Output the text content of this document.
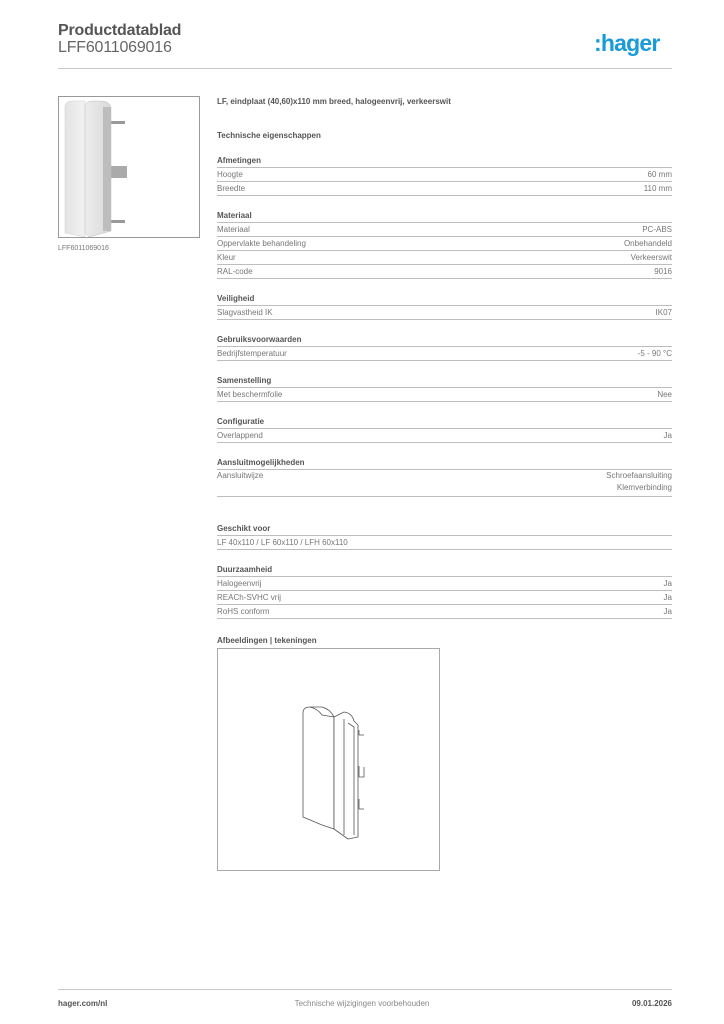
Productdatablad
LFF6011069016	:hager
LFF6011069016
LF, eindplaat (40,60)x110 mm breed, halogeenvrij, verkeerswit
Technische eigenschappen
Afmetingen
Hoogte	60 mm
Breedte	110 mm
Materiaal
Materiaal	PC-ABS
Oppervlakte behandeling	Onbehandeld
Kleur	Verkeerswit
RAL-code	9016
Veiligheid
Slagvastheid IK	IK07
Gebruiksvoorwaarden
Bedrijfstemperatuur	-5 - 90 °C
Samenstelling
Met beschermfolie	Nee
Configuratie
Overlappend	Ja
Aansluitmogelijkheden
Aansluitwijze	Schroefaansluiting
Klemverbinding
Geschikt voor
LF 40x110 / LF 60x110 / LFH 60x110
Duurzaamheid
Halogeenvrij	Ja
REACh-SVHC vrij	Ja
RoHS conform	Ja
Afbeeldingen | tekeningen
hager.com/nl	Technische wijzigingen voorbehouden	09.01.2026
